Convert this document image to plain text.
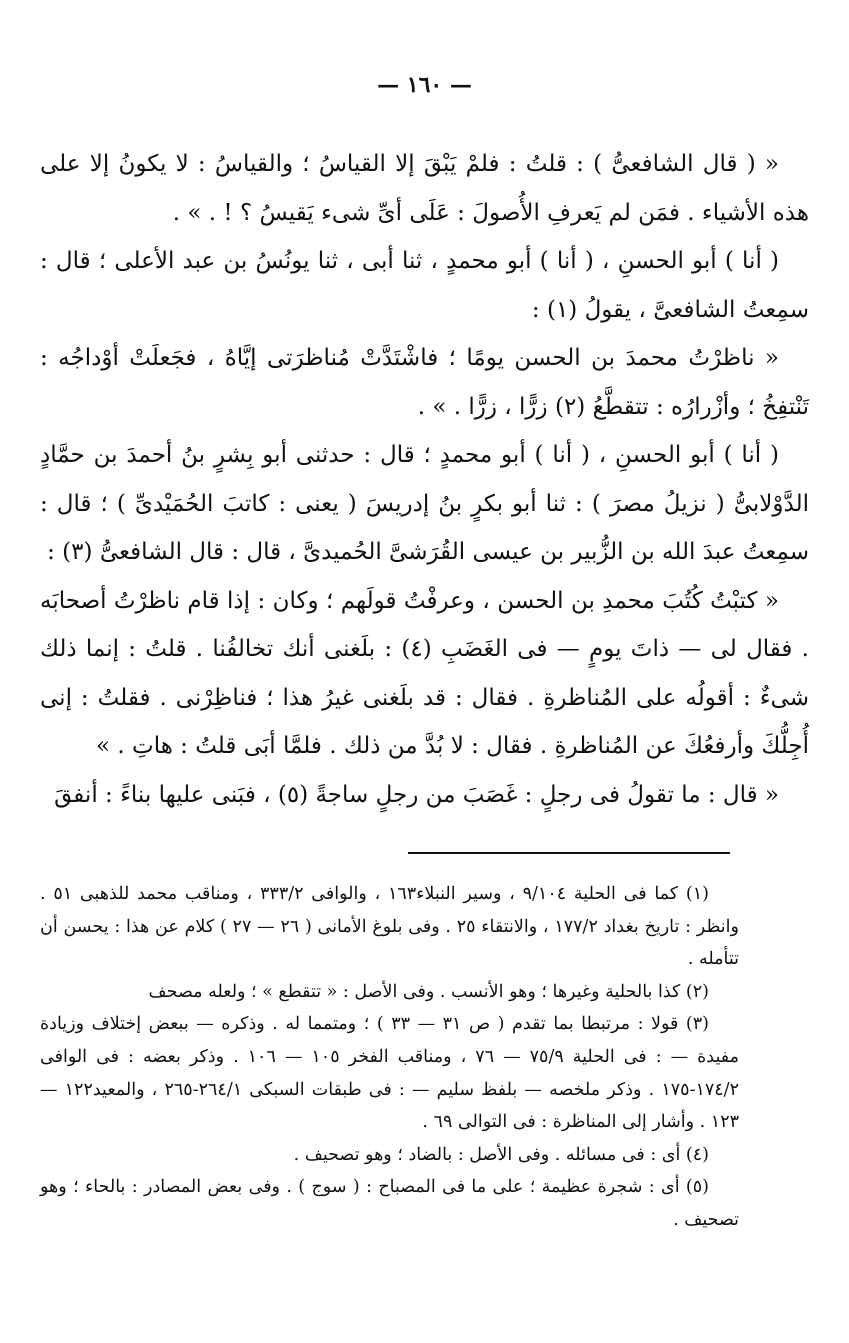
— ١٦٠ —

« ( قال الشافعىُّ ) : قلتُ : فلمْ يَبْقَ إلا القياسُ ؛ والقياسُ : لا يكونُ إلا على هذه الأشياء . فمَن لم يَعرفِ الأُصولَ : عَلَى أىِّ شىء يَقيسُ ؟ ! . » .

( أنا ) أبو الحسنِ ، ( أنا ) أبو محمدٍ ، ثنا أبى ، ثنا يونُسُ بن عبد الأعلى ؛ قال : سمِعتُ الشافعىَّ ، يقولُ (١) :

« ناظرْتُ محمدَ بن الحسن يومًا ؛ فاشْتَدَّتْ مُناظرَتى إيَّاهُ ، فجَعلَتْ أوْداجُه : تَنْتفِخُ ؛ وأزْرارُه : تتقطَّعُ (٢) زرًّا ، زرًّا . » .

( أنا ) أبو الحسنِ ، ( أنا ) أبو محمدٍ ؛ قال : حدثنى أبو بِشرٍ بنُ أحمدَ بن حمَّادٍ الدَّوْلابىُّ ( نزيلُ مصرَ ) : ثنا أبو بكرٍ بنُ إدريسَ ( يعنى : كاتبَ الحُمَيْدىِّ ) ؛ قال : سمِعتُ عبدَ الله بن الزُّبير بن عيسى القُرَشىَّ الحُميدىَّ ، قال : قال الشافعىُّ (٣) :

« كتبْتُ كُتُبَ محمدِ بن الحسن ، وعرفْتُ قولَهم ؛ وكان : إذا قام ناظرْتُ أصحابَه . فقال لى — ذاتَ يومٍ — فى الغَضَبِ (٤) : بلَغنى أنك تخالفُنا . قلتُ : إنما ذلك شىءٌ : أقولُه على المُناظرةِ . فقال : قد بلَغنى غيرُ هذا ؛ فناظِرْنى . فقلتُ : إنى أُجِلُّكَ وأرفعُكَ عن المُناظرةِ . فقال : لا بُدَّ من ذلك . فلمَّا أبَى قلتُ : هاتِ . »

« قال : ما تقولُ فى رجلٍ : غَصَبَ من رجلٍ ساجةً (٥) ، فبَنى عليها بناءً : أنفقَ

(١) كما فى الحلية ٩/١٠٤ ، وسير النبلاء١٦٣ ، والوافى ٣٣٣/٢ ، ومناقب محمد للذهبى ٥١ . وانظر : تاريخ بغداد ١٧٧/٢ ، والانتقاء ٢٥ . وفى بلوغ الأمانى ( ٢٦ — ٢٧ ) كلام عن هذا : يحسن أن تتأمله .

(٢) كذا بالحلية وغيرها ؛ وهو الأنسب . وفى الأصل : « تتقطع » ؛ ولعله مصحف

(٣) قولا : مرتبطا بما تقدم ( ص ٣١ — ٣٣ ) ؛ ومتمما له . وذكره — ببعض إختلاف وزيادة مفيدة — : فى الحلية ٧٥/٩ — ٧٦ ، ومناقب الفخر ١٠٥ — ١٠٦ . وذكر بعضه : فى الوافى ١٧٤/٢-١٧٥ . وذكر ملخصه — بلفظ سليم — : فى طبقات السبكى ٢٦٤/١-٢٦٥ ، والمعيد١٢٢ — ١٢٣ . وأشار إلى المناظرة : فى التوالى ٦٩ .

(٤) أى : فى مسائله . وفى الأصل : بالضاد ؛ وهو تصحيف .

(٥) أى : شجرة عظيمة ؛ على ما فى المصباح : ( سوج ) . وفى بعض المصادر : بالحاء ؛ وهو تصحيف .
